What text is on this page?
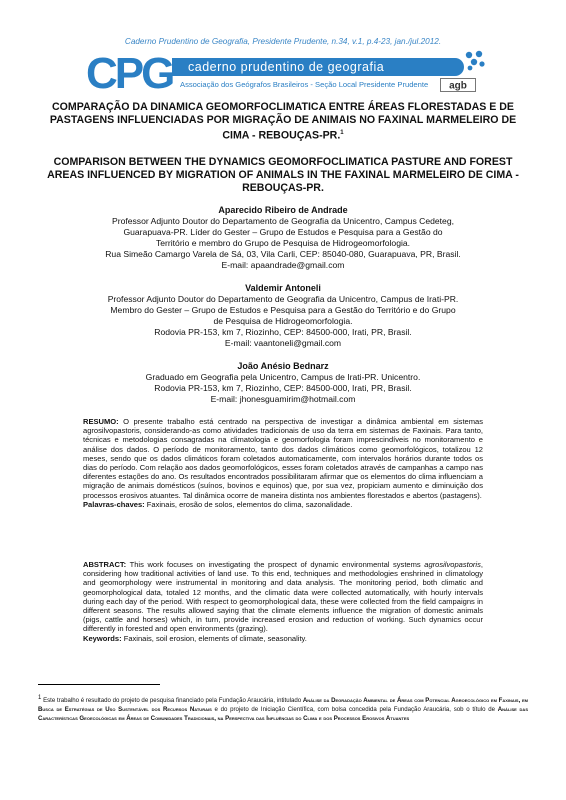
Caderno Prudentino de Geografia, Presidente Prudente, n.34, v.1, p.4-23, jan./jul.2012.
CPG caderno prudentino de geografia
Associação dos Geógrafos Brasileiros - Seção Local Presidente Prudente agb
COMPARAÇÃO DA DINAMICA GEOMORFOCLIMATICA ENTRE ÁREAS FLORESTADAS E DE PASTAGENS INFLUENCIADAS POR MIGRAÇÃO DE ANIMAIS NO FAXINAL MARMELEIRO DE CIMA - REBOUÇAS-PR.$^1$
COMPARISON BETWEEN THE DYNAMICS GEOMORFOCLIMATICA PASTURE AND FOREST AREAS INFLUENCED BY MIGRATION OF ANIMALS IN THE FAXINAL MARMELEIRO DE CIMA - REBOUÇAS-PR.
Aparecido Ribeiro de Andrade
Professor Adjunto Doutor do Departamento de Geografia da Unicentro, Campus Cedeteg,
Guarapuava-PR. Líder do Gester – Grupo de Estudos e Pesquisa para a Gestão do
Território e membro do Grupo de Pesquisa de Hidrogeomorfologia.
Rua Simeão Camargo Varela de Sá, 03, Vila Carli, CEP: 85040-080, Guarapuava, PR, Brasil.
E-mail: apaandrade@gmail.com
Valdemir Antoneli
Professor Adjunto Doutor do Departamento de Geografia da Unicentro, Campus de Irati-PR.
Membro do Gester – Grupo de Estudos e Pesquisa para a Gestão do Território e do Grupo
de Pesquisa de Hidrogeomorfologia.
Rodovia PR-153, km 7, Riozinho, CEP: 84500-000, Irati, PR, Brasil.
E-mail: vaantoneli@gmail.com
João Anésio Bednarz
Graduado em Geografia pela Unicentro, Campus de Irati-PR. Unicentro.
Rodovia PR-153, km 7, Riozinho, CEP: 84500-000, Irati, PR, Brasil.
E-mail: jhonesguamirim@hotmail.com
RESUMO: O presente trabalho está centrado na perspectiva de investigar a dinâmica ambiental em sistemas agrosilvopastoris, considerando-as como atividades tradicionais de uso da terra em sistemas de Faxinais. Para tanto, técnicas e metodologias consagradas na climatologia e geomorfologia foram imprescindíveis no monitoramento e análise dos dados. O período de monitoramento, tanto dos dados climáticos como geomorfológicos, totalizou 12 meses, sendo que os dados climáticos foram coletados automaticamente, com intervalos horários durante todos os dias do período. Com relação aos dados geomorfológicos, esses foram coletados através de campanhas a campo nas diferentes estações do ano. Os resultados encontrados possibilitaram afirmar que os elementos do clima influenciam a migração de animais domésticos (suínos, bovinos e equinos) que, por sua vez, propiciam aumento e diminuição dos processos erosivos atuantes. Tal dinâmica ocorre de maneira distinta nos ambientes florestados e abertos (pastagens).
Palavras-chaves: Faxinais, erosão de solos, elementos do clima, sazonalidade.
ABSTRACT: This work focuses on investigating the prospect of dynamic environmental systems agrosilvopastoris, considering how traditional activities of land use. To this end, techniques and methodologies enshrined in climatology and geomorphology were instrumental in monitoring and data analysis. The monitoring period, both climatic and geomorphological data, totaled 12 months, and the climatic data were collected automatically, with hourly intervals during each day of the period. With respect to geomorphological data, these were collected from the field campaigns in different seasons. The results allowed saying that the climate elements influence the migration of domestic animals (pigs, cattle and horses) which, in turn, provide increased erosion and reduction of working. Such dynamics occur differently in forested and open environments (grazing).
Keywords: Faxinais, soil erosion, elements of climate, seasonality.
$^1$ Este trabalho é resultado do projeto de pesquisa financiado pela Fundação Araucária, intitulado Análise da Degradação Ambiental de Áreas com Potencial Agroecológico em Faxinais, em Busca de Estratégias de Uso Sustentável dos Recursos Naturais e do projeto de Iniciação Científica, com bolsa concedida pela Fundação Araucária, sob o título de Análise das Características Geoecológicas em Áreas de Comunidades Tradicionais, na Perspectiva das Influências do Clima e dos Processos Erosivos Atuantes
